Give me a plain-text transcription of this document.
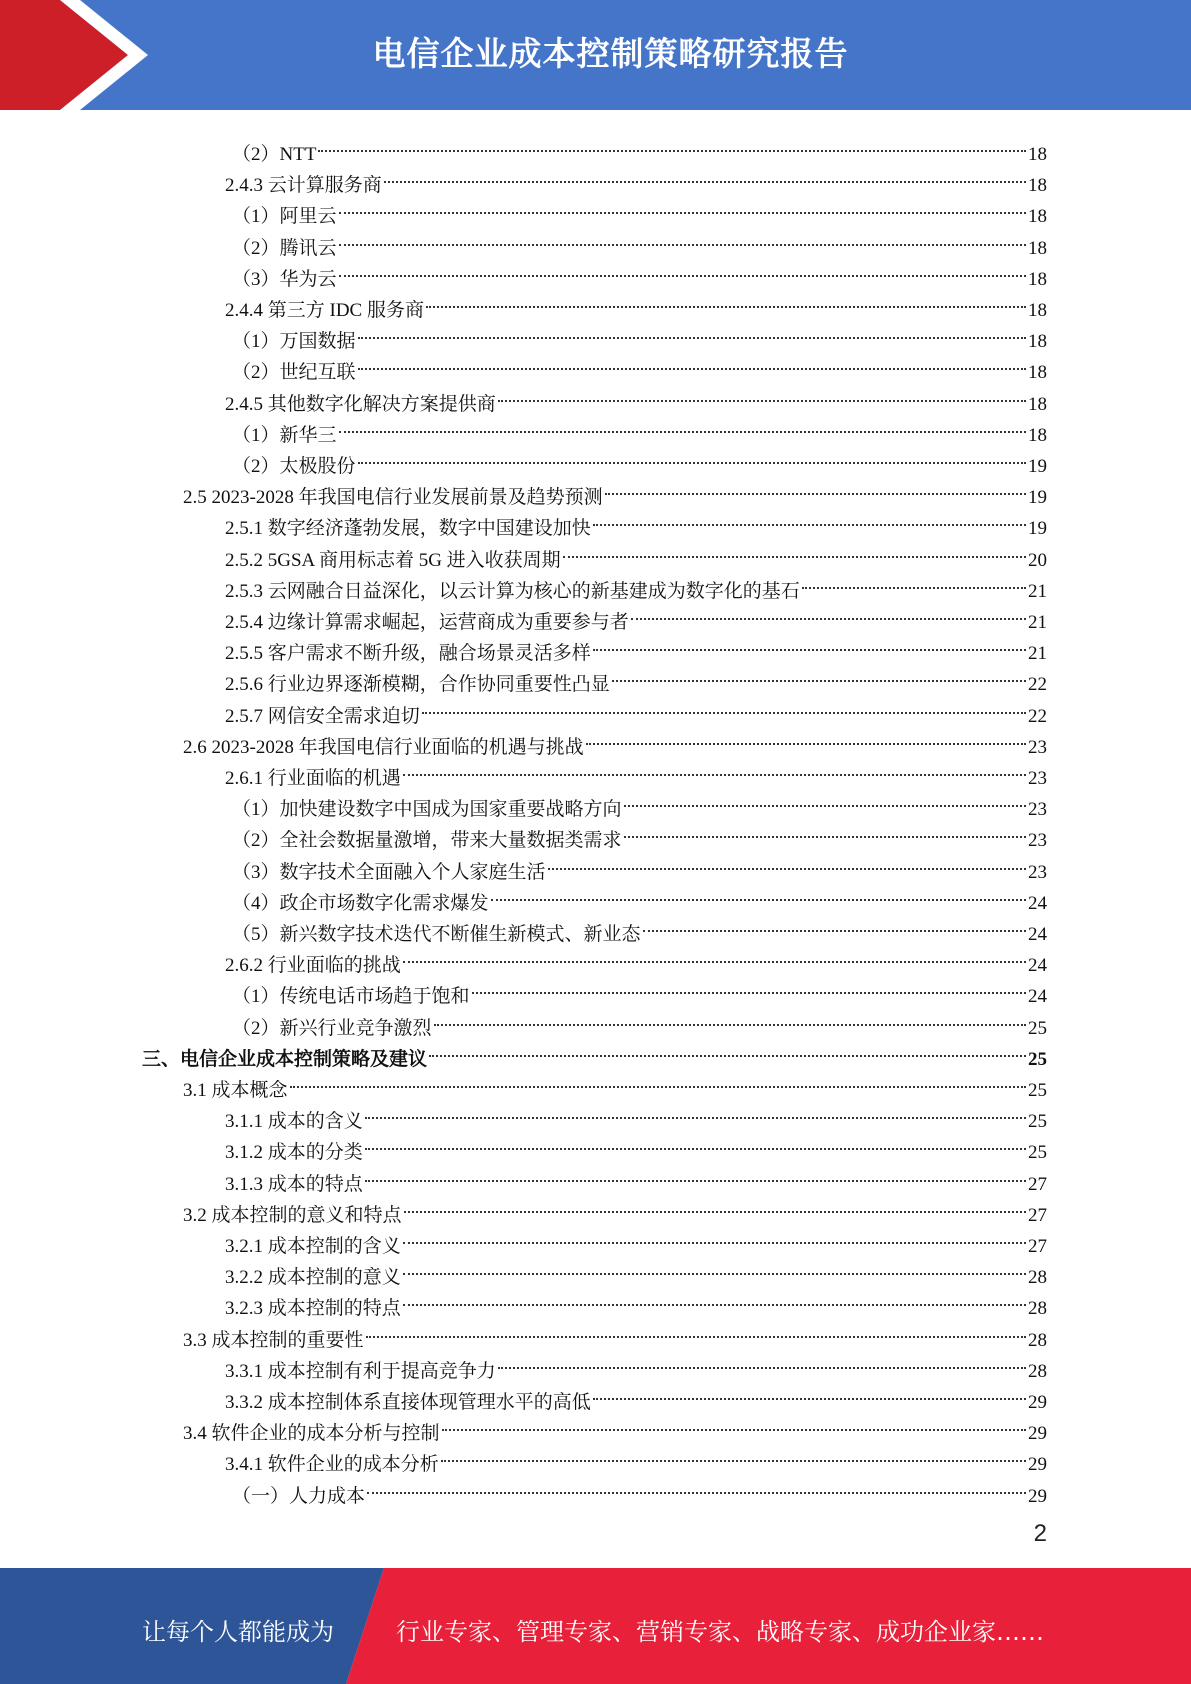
电信企业成本控制策略研究报告
（2）NTT	18
2.4.3 云计算服务商	18
（1）阿里云	18
（2）腾讯云	18
（3）华为云	18
2.4.4 第三方 IDC 服务商	18
（1）万国数据	18
（2）世纪互联	18
2.4.5 其他数字化解决方案提供商	18
（1）新华三	18
（2）太极股份	19
2.5 2023-2028 年我国电信行业发展前景及趋势预测	19
2.5.1 数字经济蓬勃发展，数字中国建设加快	19
2.5.2 5GSA 商用标志着 5G 进入收获周期	20
2.5.3 云网融合日益深化，以云计算为核心的新基建成为数字化的基石	21
2.5.4 边缘计算需求崛起，运营商成为重要参与者	21
2.5.5 客户需求不断升级，融合场景灵活多样	21
2.5.6 行业边界逐渐模糊，合作协同重要性凸显	22
2.5.7 网信安全需求迫切	22
2.6 2023-2028 年我国电信行业面临的机遇与挑战	23
2.6.1 行业面临的机遇	23
（1）加快建设数字中国成为国家重要战略方向	23
（2）全社会数据量激增，带来大量数据类需求	23
（3）数字技术全面融入个人家庭生活	23
（4）政企市场数字化需求爆发	24
（5）新兴数字技术迭代不断催生新模式、新业态	24
2.6.2 行业面临的挑战	24
（1）传统电话市场趋于饱和	24
（2）新兴行业竞争激烈	25
三、电信企业成本控制策略及建议	25
3.1 成本概念	25
3.1.1 成本的含义	25
3.1.2 成本的分类	25
3.1.3 成本的特点	27
3.2 成本控制的意义和特点	27
3.2.1 成本控制的含义	27
3.2.2 成本控制的意义	28
3.2.3 成本控制的特点	28
3.3 成本控制的重要性	28
3.3.1 成本控制有利于提高竞争力	28
3.3.2 成本控制体系直接体现管理水平的高低	29
3.4 软件企业的成本分析与控制	29
3.4.1 软件企业的成本分析	29
（一）人力成本	29
2
让每个人都能成为	行业专家、管理专家、营销专家、战略专家、成功企业家……
